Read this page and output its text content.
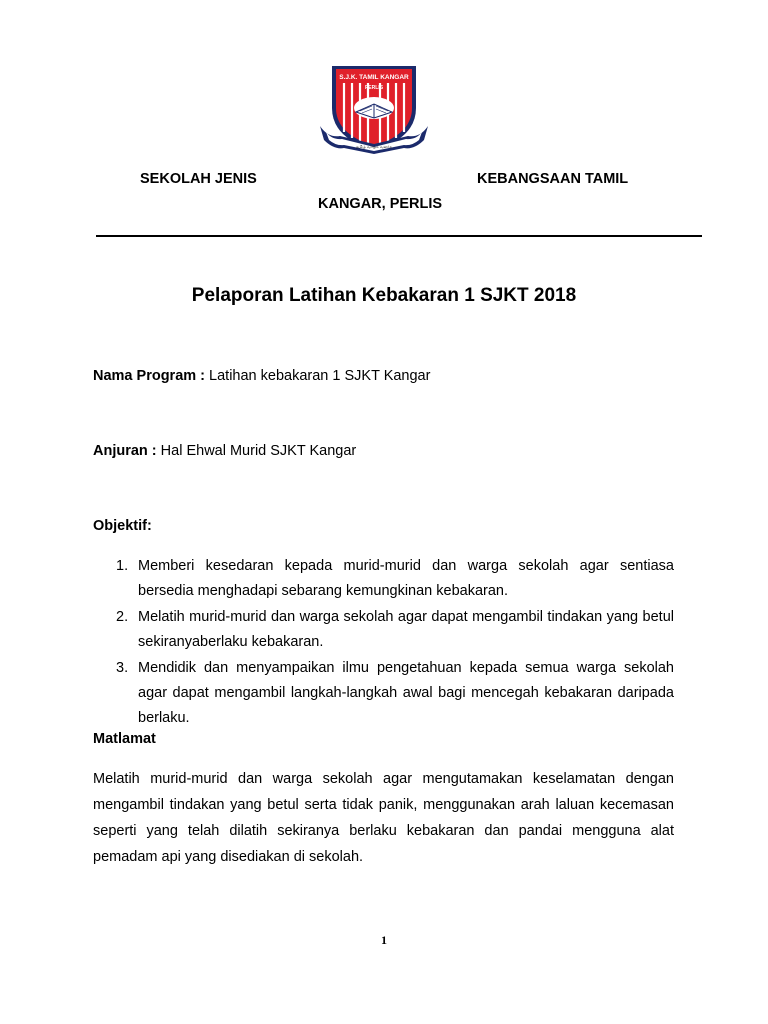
S.J.K. TAMIL KANGAR
PERLIS
தமிழ் வாழ்க வளர்க
SEKOLAH JENIS	KEBANGSAAN TAMIL
KANGAR, PERLIS
Pelaporan Latihan Kebakaran 1 SJKT 2018
Nama Program : Latihan kebakaran 1 SJKT Kangar
Anjuran : Hal Ehwal Murid SJKT Kangar
Objektif:
1. Memberi kesedaran kepada murid-murid dan warga sekolah agar sentiasa bersedia menghadapi sebarang kemungkinan kebakaran.
2. Melatih murid-murid dan warga sekolah agar dapat mengambil tindakan yang betul sekiranyaberlaku kebakaran.
3. Mendidik dan menyampaikan ilmu pengetahuan kepada semua warga sekolah agar dapat mengambil langkah-langkah awal bagi mencegah kebakaran daripada berlaku.
Matlamat
Melatih murid-murid dan warga sekolah agar mengutamakan keselamatan dengan mengambil tindakan yang betul serta tidak panik, menggunakan arah laluan kecemasan seperti yang telah dilatih sekiranya berlaku kebakaran dan pandai mengguna alat pemadam api yang disediakan di sekolah.
1
